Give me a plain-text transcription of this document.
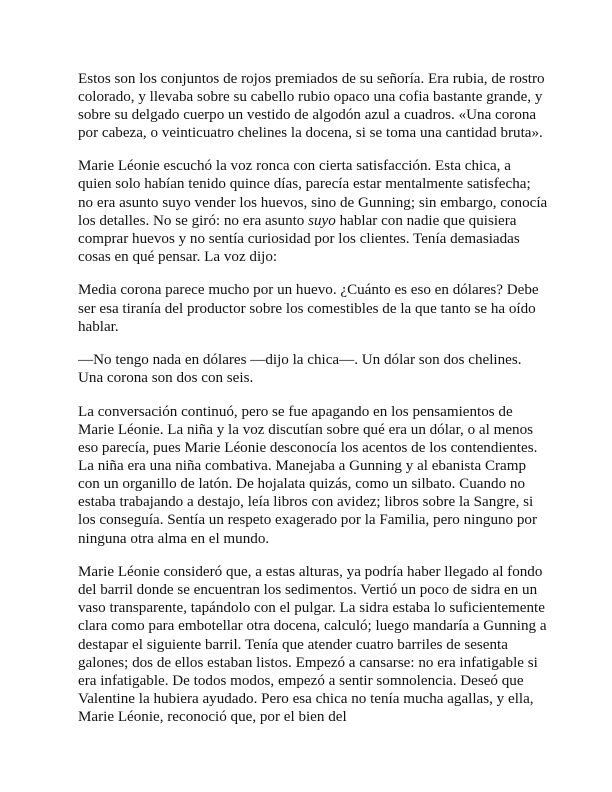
Estos son los conjuntos de rojos premiados de su señoría. Era rubia, de rostro colorado, y llevaba sobre su cabello rubio opaco una cofia bastante grande, y sobre su delgado cuerpo un vestido de algodón azul a cuadros. «Una corona por cabeza, o veinticuatro chelines la docena, si se toma una cantidad bruta».

Marie Léonie escuchó la voz ronca con cierta satisfacción. Esta chica, a quien solo habían tenido quince días, parecía estar mentalmente satisfecha; no era asunto suyo vender los huevos, sino de Gunning; sin embargo, conocía los detalles. No se giró: no era asunto suyo hablar con nadie que quisiera comprar huevos y no sentía curiosidad por los clientes. Tenía demasiadas cosas en qué pensar. La voz dijo:

Media corona parece mucho por un huevo. ¿Cuánto es eso en dólares? Debe ser esa tiranía del productor sobre los comestibles de la que tanto se ha oído hablar.

—No tengo nada en dólares —dijo la chica—. Un dólar son dos chelines. Una corona son dos con seis.

La conversación continuó, pero se fue apagando en los pensamientos de Marie Léonie. La niña y la voz discutían sobre qué era un dólar, o al menos eso parecía, pues Marie Léonie desconocía los acentos de los contendientes. La niña era una niña combativa. Manejaba a Gunning y al ebanista Cramp con un organillo de latón. De hojalata quizás, como un silbato. Cuando no estaba trabajando a destajo, leía libros con avidez; libros sobre la Sangre, si los conseguía. Sentía un respeto exagerado por la Familia, pero ninguno por ninguna otra alma en el mundo.

Marie Léonie consideró que, a estas alturas, ya podría haber llegado al fondo del barril donde se encuentran los sedimentos. Vertió un poco de sidra en un vaso transparente, tapándolo con el pulgar. La sidra estaba lo suficientemente clara como para embotellar otra docena, calculó; luego mandaría a Gunning a destapar el siguiente barril. Tenía que atender cuatro barriles de sesenta galones; dos de ellos estaban listos. Empezó a cansarse: no era infatigable si era infatigable. De todos modos, empezó a sentir somnolencia. Deseó que Valentine la hubiera ayudado. Pero esa chica no tenía mucha agallas, y ella, Marie Léonie, reconoció que, por el bien del
